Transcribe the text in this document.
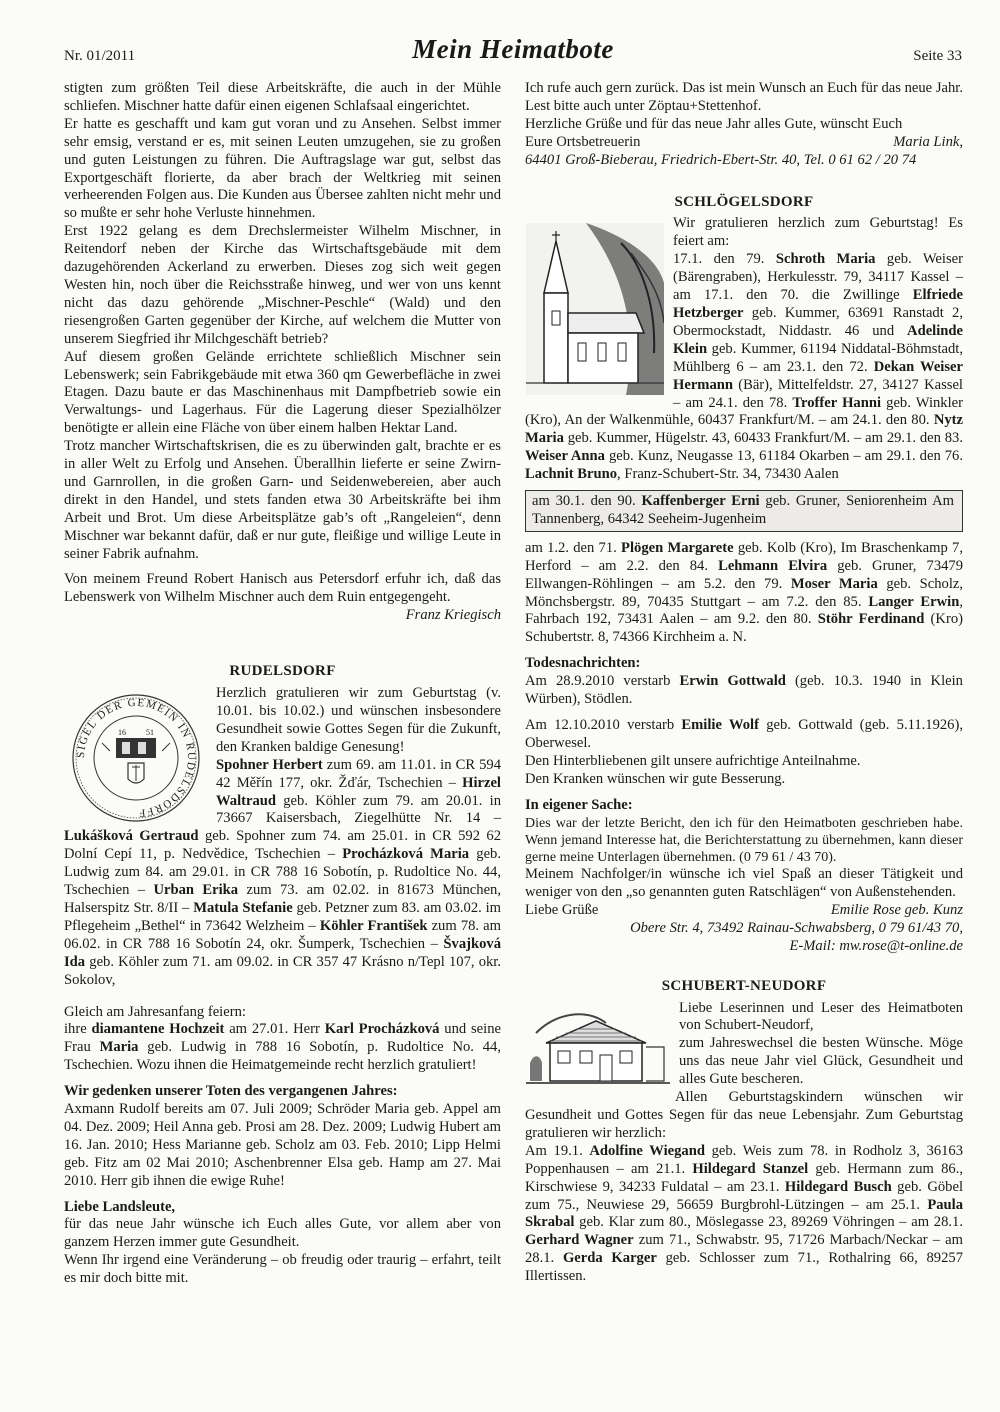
Nr. 01/2011	Mein Heimatbote	Seite 33

stigten zum größten Teil diese Arbeitskräfte, die auch in der Mühle schliefen. Mischner hatte dafür einen eigenen Schlafsaal eingerichtet.

Er hatte es geschafft und kam gut voran und zu Ansehen. Selbst immer sehr emsig, verstand er es, mit seinen Leuten umzugehen, sie zu großen und guten Leistungen zu führen. Die Auftragslage war gut, selbst das Exportgeschäft florierte, da aber brach der Weltkrieg mit seinen verheerenden Folgen aus. Die Kunden aus Übersee zahlten nicht mehr und so mußte er sehr hohe Verluste hinnehmen.

Erst 1922 gelang es dem Drechslermeister Wilhelm Mischner, in Reitendorf neben der Kirche das Wirtschaftsgebäude mit dem dazugehörenden Ackerland zu erwerben. Dieses zog sich weit gegen Westen hin, noch über die Reichsstraße hinweg, und wer von uns kennt nicht das dazu gehörende „Mischner-Peschle“ (Wald) und den riesengroßen Garten gegenüber der Kirche, auf welchem die Mutter von unserem Siegfried ihr Milchgeschäft betrieb?

Auf diesem großen Gelände errichtete schließlich Mischner sein Lebenswerk; sein Fabrikgebäude mit etwa 360 qm Gewerbefläche in zwei Etagen. Dazu baute er das Maschinenhaus mit Dampfbetrieb sowie ein Verwaltungs- und Lagerhaus. Für die Lagerung dieser Spezialhölzer benötigte er allein eine Fläche von über einem halben Hektar Land.

Trotz mancher Wirtschaftskrisen, die es zu überwinden galt, brachte er es in aller Welt zu Erfolg und Ansehen. Überallhin lieferte er seine Zwirn- und Garnrollen, in die großen Garn- und Seidenwebereien, aber auch direkt in den Handel, und stets fanden etwa 30 Arbeitskräfte bei ihm Arbeit und Brot. Um diese Arbeitsplätze gab’s oft „Rangeleien“, denn Mischner war bekannt dafür, daß er nur gute, fleißige und willige Leute in seiner Fabrik aufnahm.

Von meinem Freund Robert Hanisch aus Petersdorf erfuhr ich, daß das Lebenswerk von Wilhelm Mischner auch dem Ruin entgegengeht.

Franz Kriegisch

RUDELSDORF
SIGEL DER GEMEIN IN RUDELSDORFF
16	51

Herzlich gratulieren wir zum Geburtstag (v. 10.01. bis 10.02.) und wünschen insbesondere Gesundheit sowie Gottes Segen für die Zukunft, den Kranken baldige Genesung!

Spohner Herbert zum 69. am 11.01. in CR 594 42 Měřín 177, okr. Žďár, Tschechien – Hirzel Waltraud geb. Köhler zum 79. am 20.01. in 73667 Kaisersbach, Ziegelhütte Nr. 14 – Lukášková Gertraud geb. Spohner zum 74. am 25.01. in CR 592 62 Dolní Cepí 11, p. Nedvědice, Tschechien – Procházková Maria geb. Ludwig zum 84. am 29.01. in CR 788 16 Sobotín, p. Rudoltice No. 44, Tschechien – Urban Erika zum 73. am 02.02. in 81673 München, Halserspitz Str. 8/II – Matula Stefanie geb. Petzner zum 83. am 03.02. im Pflegeheim „Bethel“ in 73642 Welzheim – Köhler František zum 78. am 06.02. in CR 788 16 Sobotín 24, okr. Šumperk, Tschechien – Švajková Ida geb. Köhler zum 71. am 09.02. in CR 357 47 Krásno n/Tepl 107, okr. Sokolov,

Gleich am Jahresanfang feiern:

ihre diamantene Hochzeit am 27.01. Herr Karl Procházková und seine Frau Maria geb. Ludwig in 788 16 Sobotín, p. Rudoltice No. 44, Tschechien. Wozu ihnen die Heimatgemeinde recht herzlich gratuliert!

Wir gedenken unserer Toten des vergangenen Jahres:

Axmann Rudolf bereits am 07. Juli 2009; Schröder Maria geb. Appel am 04. Dez. 2009; Heil Anna geb. Prosi am 28. Dez. 2009; Ludwig Hubert am 16. Jan. 2010; Hess Marianne geb. Scholz am 03. Feb. 2010; Lipp Helmi geb. Fitz am 02 Mai 2010; Aschenbrenner Elsa geb. Hamp am 27. Mai 2010. Herr gib ihnen die ewige Ruhe!

Liebe Landsleute,

für das neue Jahr wünsche ich Euch alles Gute, vor allem aber von ganzem Herzen immer gute Gesundheit.

Wenn Ihr irgend eine Veränderung – ob freudig oder traurig – erfahrt, teilt es mir doch bitte mit.

Ich rufe auch gern zurück. Das ist mein Wunsch an Euch für das neue Jahr. Lest bitte auch unter Zöptau+Stettenhof.

Herzliche Grüße und für das neue Jahr alles Gute, wünscht Euch

Eure Ortsbetreuerin	Maria Link,

64401 Groß-Bieberau, Friedrich-Ebert-Str. 40, Tel. 0 61 62 / 20 74

SCHLÖGELSDORF

Wir gratulieren herzlich zum Geburtstag! Es feiert am:

17.1. den 79. Schroth Maria geb. Weiser (Bärengraben), Herkulesstr. 79, 34117 Kassel – am 17.1. den 70. die Zwillinge Elfriede Hetzberger geb. Kummer, 63691 Ranstadt 2, Obermockstadt, Niddastr. 46 und Adelinde Klein geb. Kummer, 61194 Niddatal-Böhmstadt, Mühlberg 6 – am 23.1. den 72. Dekan Weiser Hermann (Bär), Mittelfeldstr. 27, 34127 Kassel – am 24.1. den 78. Troffer Hanni geb. Winkler (Kro), An der Walkenmühle, 60437 Frankfurt/M. – am 24.1. den 80. Nytz Maria geb. Kummer, Hügelstr. 43, 60433 Frankfurt/M. – am 29.1. den 83. Weiser Anna geb. Kunz, Neugasse 13, 61184 Okarben – am 29.1. den 76. Lachnit Bruno, Franz-Schubert-Str. 34, 73430 Aalen

am 30.1. den 90. Kaffenberger Erni geb. Gruner, Seniorenheim Am Tannenberg, 64342 Seeheim-Jugenheim

am 1.2. den 71. Plögen Margarete geb. Kolb (Kro), Im Braschenkamp 7, Herford – am 2.2. den 84. Lehmann Elvira geb. Gruner, 73479 Ellwangen-Röhlingen – am 5.2. den 79. Moser Maria geb. Scholz, Mönchsbergstr. 89, 70435 Stuttgart – am 7.2. den 85. Langer Erwin, Fahrbach 192, 73431 Aalen – am 9.2. den 80. Stöhr Ferdinand (Kro) Schubertstr. 8, 74366 Kirchheim a. N.

Todesnachrichten:

Am 28.9.2010 verstarb Erwin Gottwald (geb. 10.3. 1940 in Klein Würben), Stödlen.

Am 12.10.2010 verstarb Emilie Wolf geb. Gottwald (geb. 5.11.1926), Oberwesel.

Den Hinterbliebenen gilt unsere aufrichtige Anteilnahme.

Den Kranken wünschen wir gute Besserung.

In eigener Sache:

Dies war der letzte Bericht, den ich für den Heimatboten geschrieben habe. Wenn jemand Interesse hat, die Berichterstattung zu übernehmen, kann dieser gerne meine Unterlagen übernehmen. (0 79 61 / 43 70).

Meinem Nachfolger/in wünsche ich viel Spaß an dieser Tätigkeit und weniger von den „so genannten guten Ratschlägen“ von Außenstehenden.

Liebe Grüße	Emilie Rose geb. Kunz

Obere Str. 4, 73492 Rainau-Schwabsberg, 0 79 61/43 70,

E-Mail: mw.rose@t-online.de

SCHUBERT-NEUDORF

Liebe Leserinnen und Leser des Heimatboten von Schubert-Neudorf,

zum Jahreswechsel die besten Wünsche. Möge uns das neue Jahr viel Glück, Gesundheit und alles Gute bescheren.

Allen Geburtstagskindern wünschen wir Gesundheit und Gottes Segen für das neue Lebensjahr. Zum Geburtstag gratulieren wir herzlich:

Am 19.1. Adolfine Wiegand geb. Weis zum 78. in Rodholz 3, 36163 Poppenhausen – am 21.1. Hildegard Stanzel geb. Hermann zum 86., Kirschwiese 9, 34233 Fuldatal – am 23.1. Hildegard Busch geb. Göbel zum 75., Neuwiese 29, 56659 Burgbrohl-Lützingen – am 25.1. Paula Skrabal geb. Klar zum 80., Möslegasse 23, 89269 Vöhringen – am 28.1. Gerhard Wagner zum 71., Schwabstr. 95, 71726 Marbach/Neckar – am 28.1. Gerda Karger geb. Schlosser zum 71., Rothalring 66, 89257 Illertissen.
